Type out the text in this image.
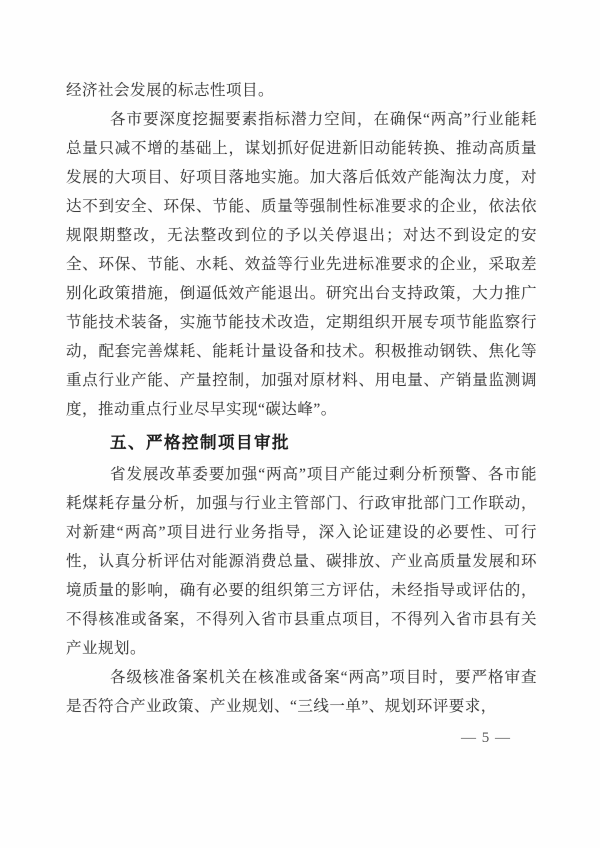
经济社会发展的标志性项目。

各市要深度挖掘要素指标潜力空间，在确保“两高”行业能耗总量只减不增的基础上，谋划抓好促进新旧动能转换、推动高质量发展的大项目、好项目落地实施。加大落后低效产能淘汰力度，对达不到安全、环保、节能、质量等强制性标准要求的企业，依法依规限期整改，无法整改到位的予以关停退出；对达不到设定的安全、环保、节能、水耗、效益等行业先进标准要求的企业，采取差别化政策措施，倒逼低效产能退出。研究出台支持政策，大力推广节能技术装备，实施节能技术改造，定期组织开展专项节能监察行动，配套完善煤耗、能耗计量设备和技术。积极推动钢铁、焦化等重点行业产能、产量控制，加强对原材料、用电量、产销量监测调度，推动重点行业尽早实现“碳达峰”。

五、严格控制项目审批

省发展改革委要加强“两高”项目产能过剩分析预警、各市能耗煤耗存量分析，加强与行业主管部门、行政审批部门工作联动，对新建“两高”项目进行业务指导，深入论证建设的必要性、可行性，认真分析评估对能源消费总量、碳排放、产业高质量发展和环境质量的影响，确有必要的组织第三方评估，未经指导或评估的，不得核准或备案，不得列入省市县重点项目，不得列入省市县有关产业规划。

各级核准备案机关在核准或备案“两高”项目时，要严格审查是否符合产业政策、产业规划、“三线一单”、规划环评要求，

— 5 —
